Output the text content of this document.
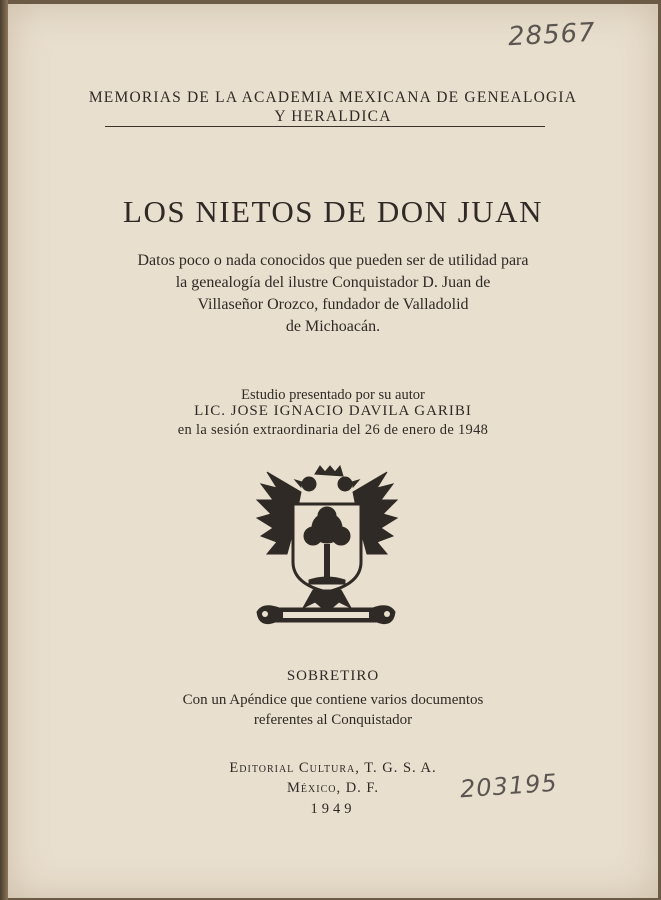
28567
MEMORIAS DE LA ACADEMIA MEXICANA DE GENEALOGIA
Y HERALDICA
LOS NIETOS DE DON JUAN
Datos poco o nada conocidos que pueden ser de utilidad para
la genealogía del ilustre Conquistador D. Juan de
Villaseñor Orozco, fundador de Valladolid
de Michoacán.
Estudio presentado por su autor
LIC. JOSE IGNACIO DAVILA GARIBI
en la sesión extraordinaria del 26 de enero de 1948
SOBRETIRO
Con un Apéndice que contiene varios documentos
referentes al Conquistador
Editorial Cultura, T. G. S. A.
México, D. F.
1949
203195
